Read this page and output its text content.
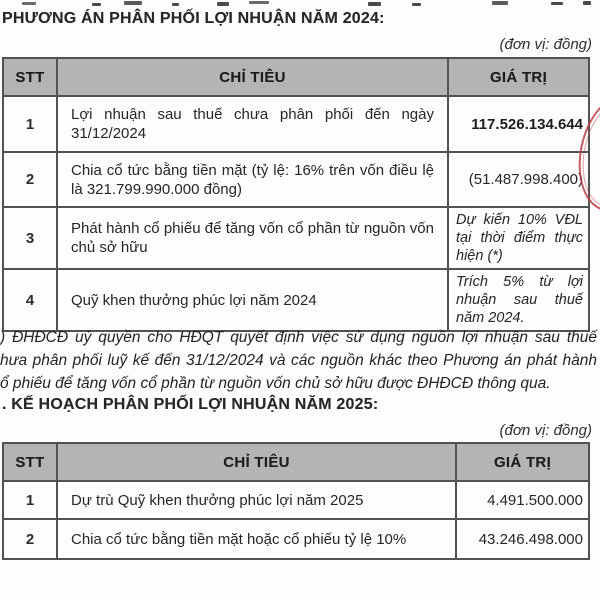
PHƯƠNG ÁN PHÂN PHỐI LỢI NHUẬN NĂM 2024:
(đơn vị: đồng)
STT	CHỈ TIÊU	GIÁ TRỊ
1	Lợi nhuận sau thuế chưa phân phối đến ngày 31/12/2024	117.526.134.644
2	Chia cổ tức bằng tiền mặt (tỷ lệ: 16% trên vốn điều lệ là 321.799.990.000 đồng)	(51.487.998.400)
3	Phát hành cổ phiếu để tăng vốn cổ phần từ nguồn vốn chủ sở hữu	Dự kiến 10% VĐL tại thời điểm thực hiện (*)
4	Quỹ khen thưởng phúc lợi năm 2024	Trích 5% từ lợi nhuận sau thuế năm 2024.
) ĐHĐCĐ uỷ quyền cho HĐQT quyết định việc sử dụng nguồn lợi nhuận sau thuế
hưa phân phối luỹ kế đến 31/12/2024 và các nguồn khác theo Phương án phát hành
ổ phiếu để tăng vốn cổ phần từ nguồn vốn chủ sở hữu được ĐHĐCĐ thông qua.
. KẾ HOẠCH PHÂN PHỐI LỢI NHUẬN NĂM 2025:
(đơn vị: đồng)
STT	CHỈ TIÊU	GIÁ TRỊ
1	Dự trù Quỹ khen thưởng phúc lợi năm 2025	4.491.500.000
2	Chia cổ tức bằng tiền mặt hoặc cổ phiếu tỷ lệ 10%	43.246.498.000
